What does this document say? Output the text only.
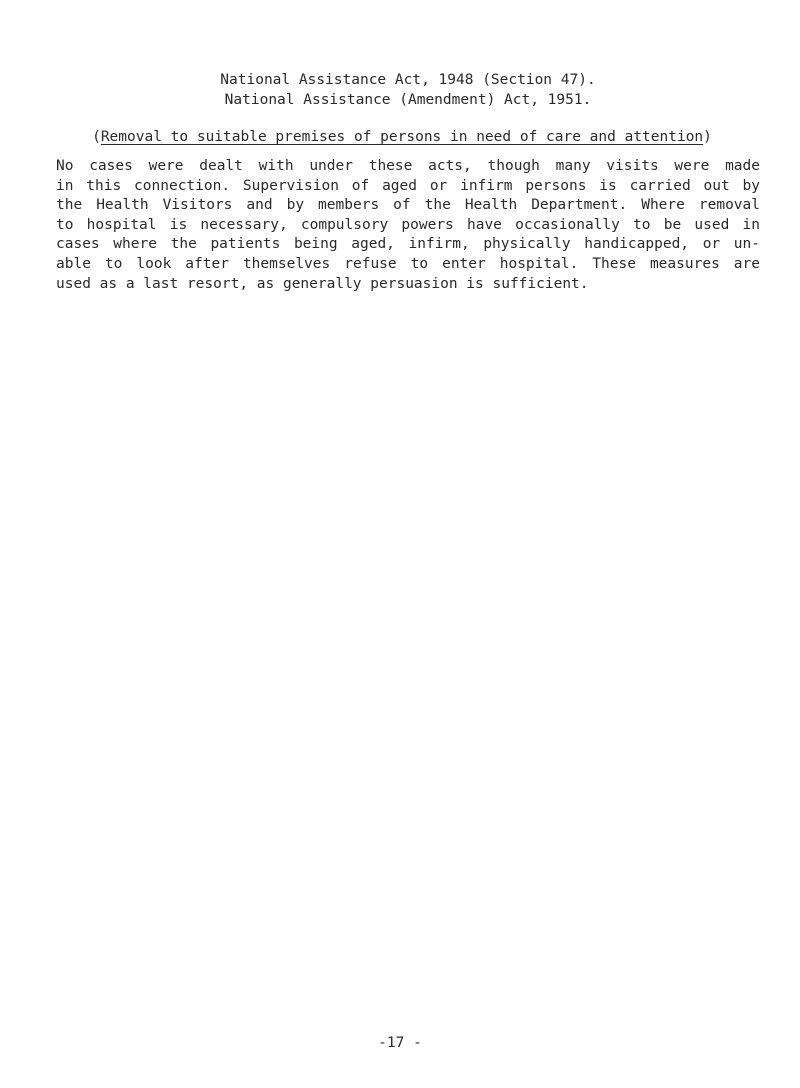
National Assistance Act, 1948 (Section 47).
National Assistance (Amendment) Act, 1951.
(Removal to suitable premises of persons in need of care and attention)
No cases were dealt with under these acts, though many visits were made
in this connection. Supervision of aged or infirm persons is carried out by
the Health Visitors and by members of the Health Department. Where removal
to hospital is necessary, compulsory powers have occasionally to be used in
cases where the patients being aged, infirm, physically handicapped, or un-
able to look after themselves refuse to enter hospital. These measures are
used as a last resort, as generally persuasion is sufficient.
-17 -
